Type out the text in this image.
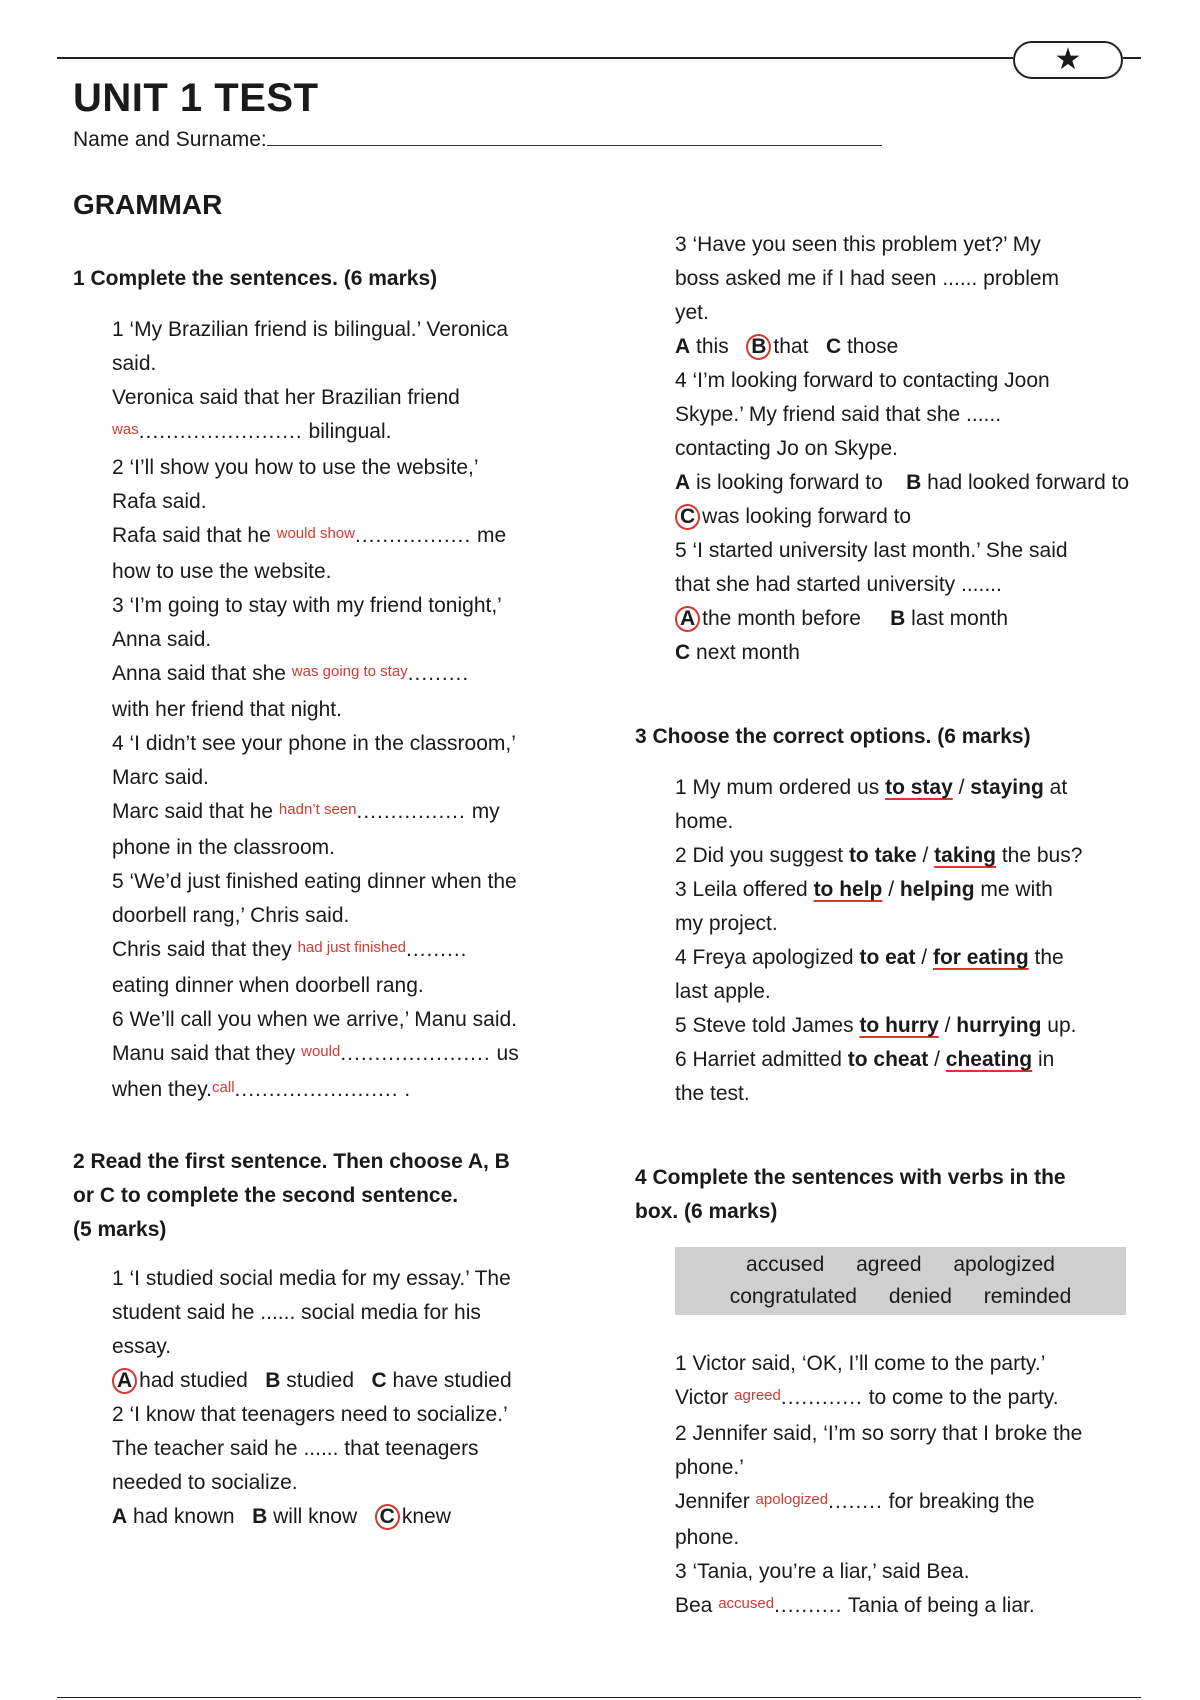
★
UNIT 1 TEST
Name and Surname:
GRAMMAR
1 Complete the sentences. (6 marks)
1 ‘My Brazilian friend is bilingual.’ Veronica
said.
Veronica said that her Brazilian friend
was........................ bilingual.
2 ‘I’ll show you how to use the website,’
Rafa said.
Rafa said that he would show................. me
how to use the website.
3 ‘I’m going to stay with my friend tonight,’
Anna said.
Anna said that she was going to stay.........
with her friend that night.
4 ‘I didn’t see your phone in the classroom,’
Marc said.
Marc said that he hadn’t seen................ my
phone in the classroom.
5 ‘We’d just finished eating dinner when the
doorbell rang,’ Chris said.
Chris said that they had just finished.........
eating dinner when doorbell rang.
6 We’ll call you when we arrive,’ Manu said.
Manu said that they would...................... us
when they.call........................ .
2 Read the first sentence. Then choose A, B
or C to complete the second sentence.
(5 marks)
1 ‘I studied social media for my essay.’ The
student said he ...... social media for his
essay.
A had studied B studied C have studied
2 ‘I know that teenagers need to socialize.’
The teacher said he ...... that teenagers
needed to socialize.
A had known B will know C knew
3 ‘Have you seen this problem yet?’ My
boss asked me if I had seen ...... problem
yet.
A this B that C those
4 ‘I’m looking forward to contacting Joon
Skype.’ My friend said that she ......
contacting Jo on Skype.
A is looking forward to B had looked forward to
C was looking forward to
5 ‘I started university last month.’ She said
that she had started university .......
A the month before B last month
C next month
3 Choose the correct options. (6 marks)
1 My mum ordered us to stay / staying at
home.
2 Did you suggest to take / taking the bus?
3 Leila offered to help / helping me with
my project.
4 Freya apologized to eat / for eating the
last apple.
5 Steve told James to hurry / hurrying up.
6 Harriet admitted to cheat / cheating in
the test.
4 Complete the sentences with verbs in the
box. (6 marks)
accused agreed apologized
congratulated denied reminded
1 Victor said, ‘OK, I’ll come to the party.’
Victor agreed............ to come to the party.
2 Jennifer said, ‘I’m so sorry that I broke the
phone.’
Jennifer apologized........ for breaking the
phone.
3 ‘Tania, you’re a liar,’ said Bea.
Bea accused.......... Tania of being a liar.
